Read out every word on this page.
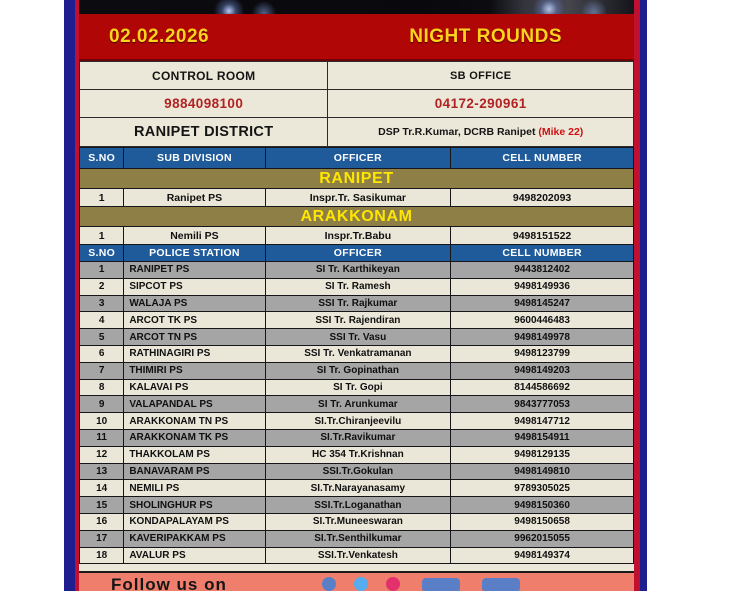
02.02.2026	NIGHT ROUNDS
CONTROL ROOM	SB OFFICE
9884098100	04172-290961
RANIPET DISTRICT	DSP Tr.R.Kumar, DCRB Ranipet (Mike 22)
S.NO	SUB DIVISION	OFFICER	CELL NUMBER
RANIPET			
1	Ranipet PS	Inspr.Tr. Sasikumar	9498202093
ARAKKONAM			
1	Nemili PS	Inspr.Tr.Babu	9498151522
S.NO	POLICE STATION	OFFICER	CELL NUMBER
1	RANIPET PS	SI Tr. Karthikeyan	9443812402
2	SIPCOT PS	SI Tr. Ramesh	9498149936
3	WALAJA PS	SSI Tr. Rajkumar	9498145247
4	ARCOT TK PS	SSI Tr. Rajendiran	9600446483
5	ARCOT TN PS	SSI Tr. Vasu	9498149978
6	RATHINAGIRI PS	SSI Tr. Venkatramanan	9498123799
7	THIMIRI PS	SI Tr. Gopinathan	9498149203
8	KALAVAI PS	SI Tr. Gopi	8144586692
9	VALAPANDAL PS	SI Tr. Arunkumar	9843777053
10	ARAKKONAM TN PS	SI.Tr.Chiranjeevilu	9498147712
11	ARAKKONAM TK PS	SI.Tr.Ravikumar	9498154911
12	THAKKOLAM PS	HC 354 Tr.Krishnan	9498129135
13	BANAVARAM PS	SSI.Tr.Gokulan	9498149810
14	NEMILI PS	SI.Tr.Narayanasamy	9789305025
15	SHOLINGHUR PS	SSI.Tr.Loganathan	9498150360
16	KONDAPALAYAM PS	SI.Tr.Muneeswaran	9498150658
17	KAVERIPAKKAM PS	SI.Tr.Senthilkumar	9962015055
18	AVALUR PS	SSI.Tr.Venkatesh	9498149374
Follow us on
